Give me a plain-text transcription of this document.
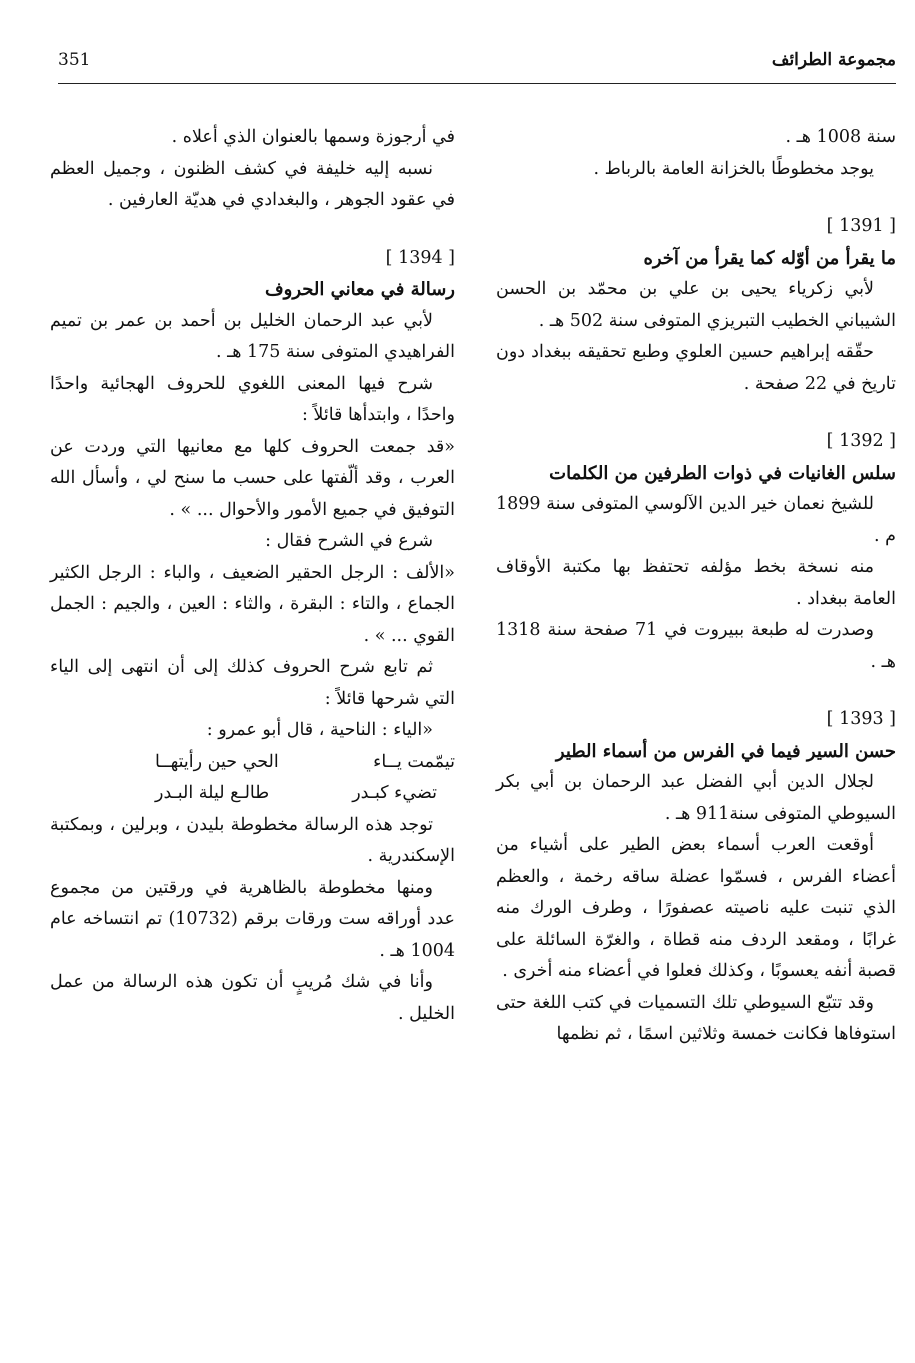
351	مجموعة الطرائف

سنة 1008 هـ .

يوجد مخطوطًا بالخزانة العامة بالرباط .

[ 1391 ]

ما يقرأ من أوّله كما يقرأ من آخره

لأبي زكرياء يحيى بن علي بن محمّد بن الحسن الشيباني الخطيب التبريزي المتوفى سنة 502 هـ .

حقّقه إبراهيم حسين العلوي وطبع تحقيقه ببغداد دون تاريخ في 22 صفحة .

[ 1392 ]

سلس الغانيات في ذوات الطرفين من الكلمات

للشيخ نعمان خير الدين الآلوسي المتوفى سنة 1899 م .

منه نسخة بخط مؤلفه تحتفظ بها مكتبة الأوقاف العامة ببغداد .

وصدرت له طبعة ببيروت في 71 صفحة سنة 1318 هـ .

[ 1393 ]

حسن السير فيما في الفرس من أسماء الطير

لجلال الدين أبي الفضل عبد الرحمان بن أبي بكر السيوطي المتوفى سنة911 هـ .

أوقعت العرب أسماء بعض الطير على أشياء من أعضاء الفرس ، فسمّوا عضلة ساقه رخمة ، والعظم الذي تنبت عليه ناصيته عصفورًا ، وطرف الورك منه غرابًا ، ومقعد الردف منه قطاة ، والغرّة السائلة على قصبة أنفه يعسوبًا ، وكذلك فعلوا في أعضاء منه أخرى .

وقد تتبّع السيوطي تلك التسميات في كتب اللغة حتى استوفاها فكانت خمسة وثلاثين اسمًا ، ثم نظمها

في أرجوزة وسمها بالعنوان الذي أعلاه .

نسبه إليه خليفة في كشف الظنون ، وجميل العظم في عقود الجوهر ، والبغدادي في هديّة العارفين .

[ 1394 ]

رسالة في معاني الحروف

لأبي عبد الرحمان الخليل بن أحمد بن عمر بن تميم الفراهيدي المتوفى سنة 175 هـ .

شرح فيها المعنى اللغوي للحروف الهجائية واحدًا واحدًا ، وابتدأها قائلاً :

«قد جمعت الحروف كلها مع معانيها التي وردت عن العرب ، وقد ألّفتها على حسب ما سنح لي ، وأسأل الله التوفيق في جميع الأمور والأحوال ... » .

شرع في الشرح فقال :

«الألف : الرجل الحقير الضعيف ، والباء : الرجل الكثير الجماع ، والتاء : البقرة ، والثاء : العين ، والجيم : الجمل القوي ... » .

ثم تابع شرح الحروف كذلك إلى أن انتهى إلى الياء التي شرحها قائلاً :

«الياء : الناحية ، قال أبو عمرو :

تيمّمت يــاء
الحي حين رأيتهــا
تضيء كبـدر
طالـع ليلة البـدر

توجد هذه الرسالة مخطوطة بليدن ، وبرلين ، وبمكتبة الإسكندرية .

ومنها مخطوطة بالظاهرية في ورقتين من مجموع عدد أوراقه ست ورقات برقم (10732) تم انتساخه عام 1004 هـ .

وأنا في شك مُريبٍ أن تكون هذه الرسالة من عمل الخليل .
